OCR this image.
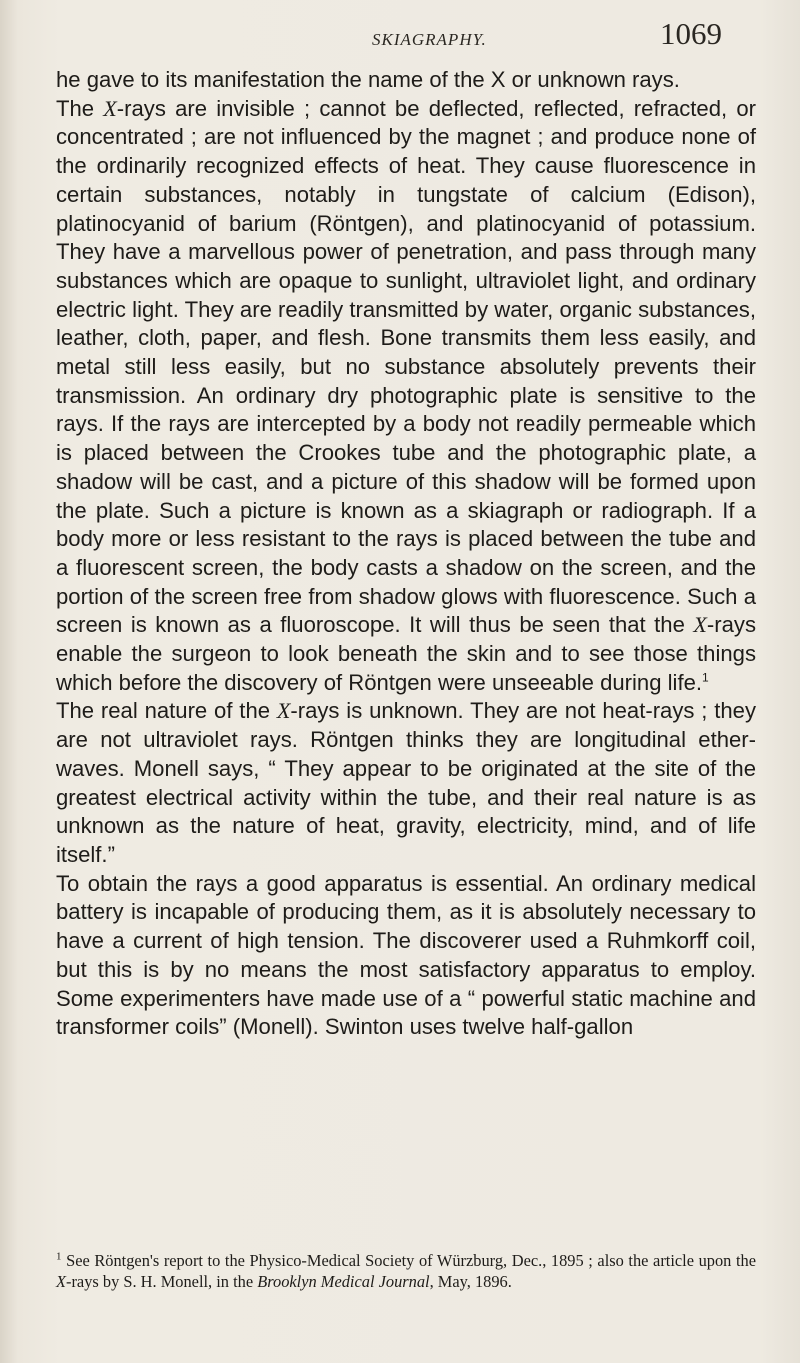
SKIAGRAPHY.	1069

he gave to its manifestation the name of the X or unknown rays.

The X-rays are invisible ; cannot be deflected, reflected, refracted, or concentrated ; are not influenced by the magnet ; and produce none of the ordinarily recognized effects of heat. They cause fluorescence in certain substances, notably in tungstate of calcium (Edison), platinocyanid of barium (Röntgen), and platinocyanid of potassium. They have a marvellous power of penetration, and pass through many substances which are opaque to sunlight, ultraviolet light, and ordinary electric light. They are readily transmitted by water, organic substances, leather, cloth, paper, and flesh. Bone transmits them less easily, and metal still less easily, but no substance absolutely prevents their transmission. An ordinary dry photographic plate is sensitive to the rays. If the rays are intercepted by a body not readily permeable which is placed between the Crookes tube and the photographic plate, a shadow will be cast, and a picture of this shadow will be formed upon the plate. Such a picture is known as a skiagraph or radiograph. If a body more or less resistant to the rays is placed between the tube and a fluorescent screen, the body casts a shadow on the screen, and the portion of the screen free from shadow glows with fluorescence. Such a screen is known as a fluoroscope. It will thus be seen that the X-rays enable the surgeon to look beneath the skin and to see those things which before the discovery of Röntgen were unseeable during life.$^1$

The real nature of the X-rays is unknown. They are not heat-rays ; they are not ultraviolet rays. Röntgen thinks they are longitudinal ether-waves. Monell says, “ They appear to be originated at the site of the greatest electrical activity within the tube, and their real nature is as unknown as the nature of heat, gravity, electricity, mind, and of life itself.”

To obtain the rays a good apparatus is essential. An ordinary medical battery is incapable of producing them, as it is absolutely necessary to have a current of high tension. The discoverer used a Ruhmkorff coil, but this is by no means the most satisfactory apparatus to employ. Some experimenters have made use of a “ powerful static machine and transformer coils” (Monell). Swinton uses twelve half-gallon

$^1$ See Röntgen's report to the Physico-Medical Society of Würzburg, Dec., 1895 ; also the article upon the X-rays by S. H. Monell, in the Brooklyn Medical Journal, May, 1896.
